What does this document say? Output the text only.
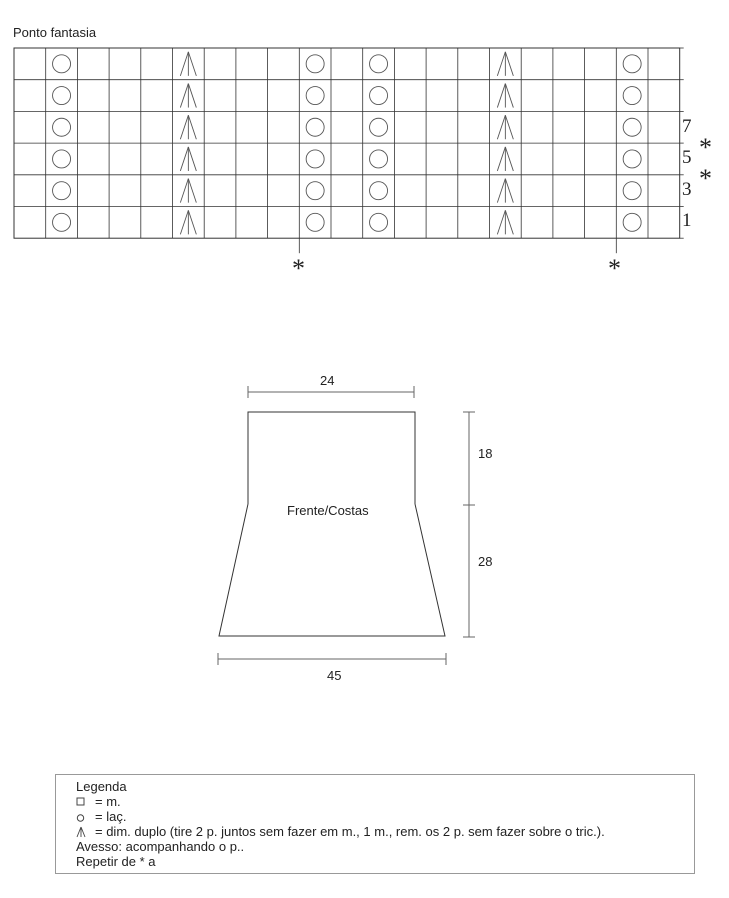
Ponto fantasia
7
5
3
1
*
*
*	*
24
Frente/Costas
18
28
45
Legenda
= m.
= laç.
= dim. duplo (tire 2 p. juntos sem fazer em m., 1 m., rem. os 2 p. sem fazer sobre o tric.).
Avesso: acompanhando o p..
Repetir de * a
